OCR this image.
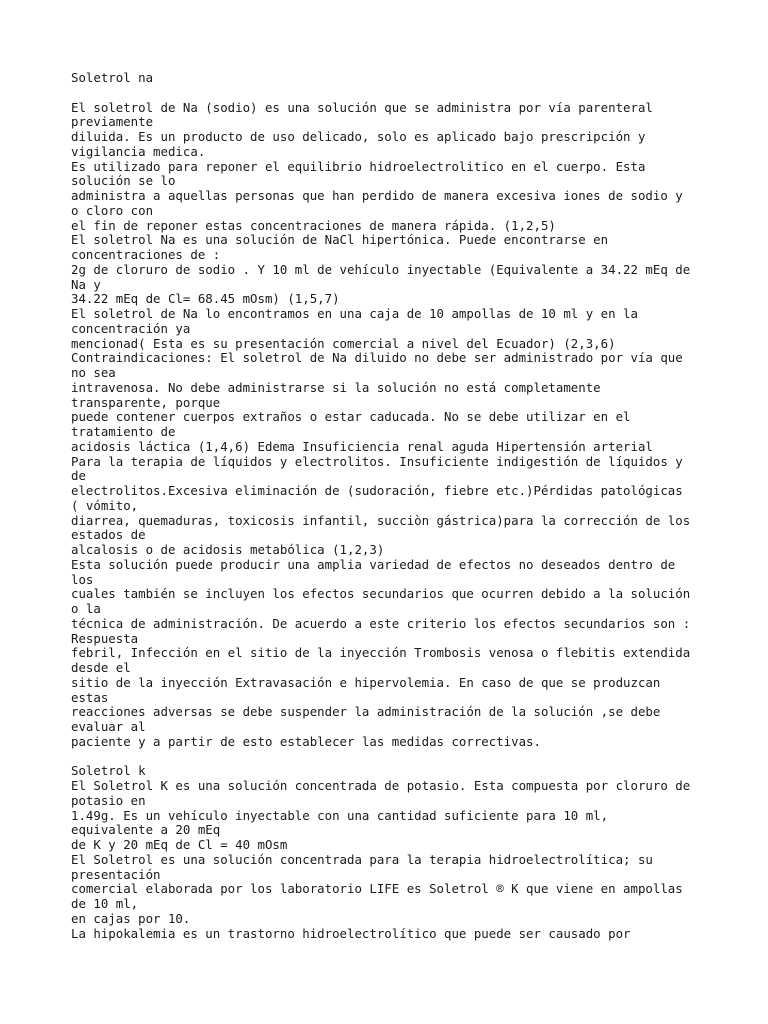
Soletrol na
El soletrol de Na (sodio) es una solución que se administra por vía parenteral
previamente
diluida. Es un producto de uso delicado, solo es aplicado bajo prescripción y
vigilancia medica.
Es utilizado para reponer el equilibrio hidroelectrolitico en el cuerpo. Esta
solución se lo
administra a aquellas personas que han perdido de manera excesiva iones de sodio y
o cloro con
el fin de reponer estas concentraciones de manera rápida. (1,2,5)
El soletrol Na es una solución de NaCl hipertónica. Puede encontrarse en
concentraciones de :
2g de cloruro de sodio . Y 10 ml de vehículo inyectable (Equivalente a 34.22 mEq de
Na y
34.22 mEq de Cl= 68.45 mOsm) (1,5,7)
El soletrol de Na lo encontramos en una caja de 10 ampollas de 10 ml y en la
concentración ya
mencionad( Esta es su presentación comercial a nivel del Ecuador) (2,3,6)
Contraindicaciones: El soletrol de Na diluido no debe ser administrado por vía que
no sea
intravenosa. No debe administrarse si la solución no está completamente
transparente, porque
puede contener cuerpos extraños o estar caducada. No se debe utilizar en el
tratamiento de
acidosis láctica (1,4,6) Edema Insuficiencia renal aguda Hipertensión arterial
Para la terapia de líquidos y electrolitos. Insuficiente indigestión de líquidos y
de
electrolitos.Excesiva eliminación de (sudoración, fiebre etc.)Pérdidas patológicas
( vómito,
diarrea, quemaduras, toxicosis infantil, succiòn gástrica)para la corrección de los
estados de
alcalosis o de acidosis metabólica (1,2,3)
Esta solución puede producir una amplia variedad de efectos no deseados dentro de
los
cuales también se incluyen los efectos secundarios que ocurren debido a la solución
o la
técnica de administración. De acuerdo a este criterio los efectos secundarios son :
Respuesta
febril, Infección en el sitio de la inyección Trombosis venosa o flebitis extendida
desde el
sitio de la inyección Extravasación e hipervolemia. En caso de que se produzcan
estas
reacciones adversas se debe suspender la administración de la solución ,se debe
evaluar al
paciente y a partir de esto establecer las medidas correctivas.
Soletrol k
El Soletrol K es una solución concentrada de potasio. Esta compuesta por cloruro de
potasio en
1.49g. Es un vehículo inyectable con una cantidad suficiente para 10 ml,
equivalente a 20 mEq
de K y 20 mEq de Cl = 40 mOsm
El Soletrol es una solución concentrada para la terapia hidroelectrolítica; su
presentación
comercial elaborada por los laboratorio LIFE es Soletrol ® K que viene en ampollas
de 10 ml,
en cajas por 10.
La hipokalemia es un trastorno hidroelectrolítico que puede ser causado por
